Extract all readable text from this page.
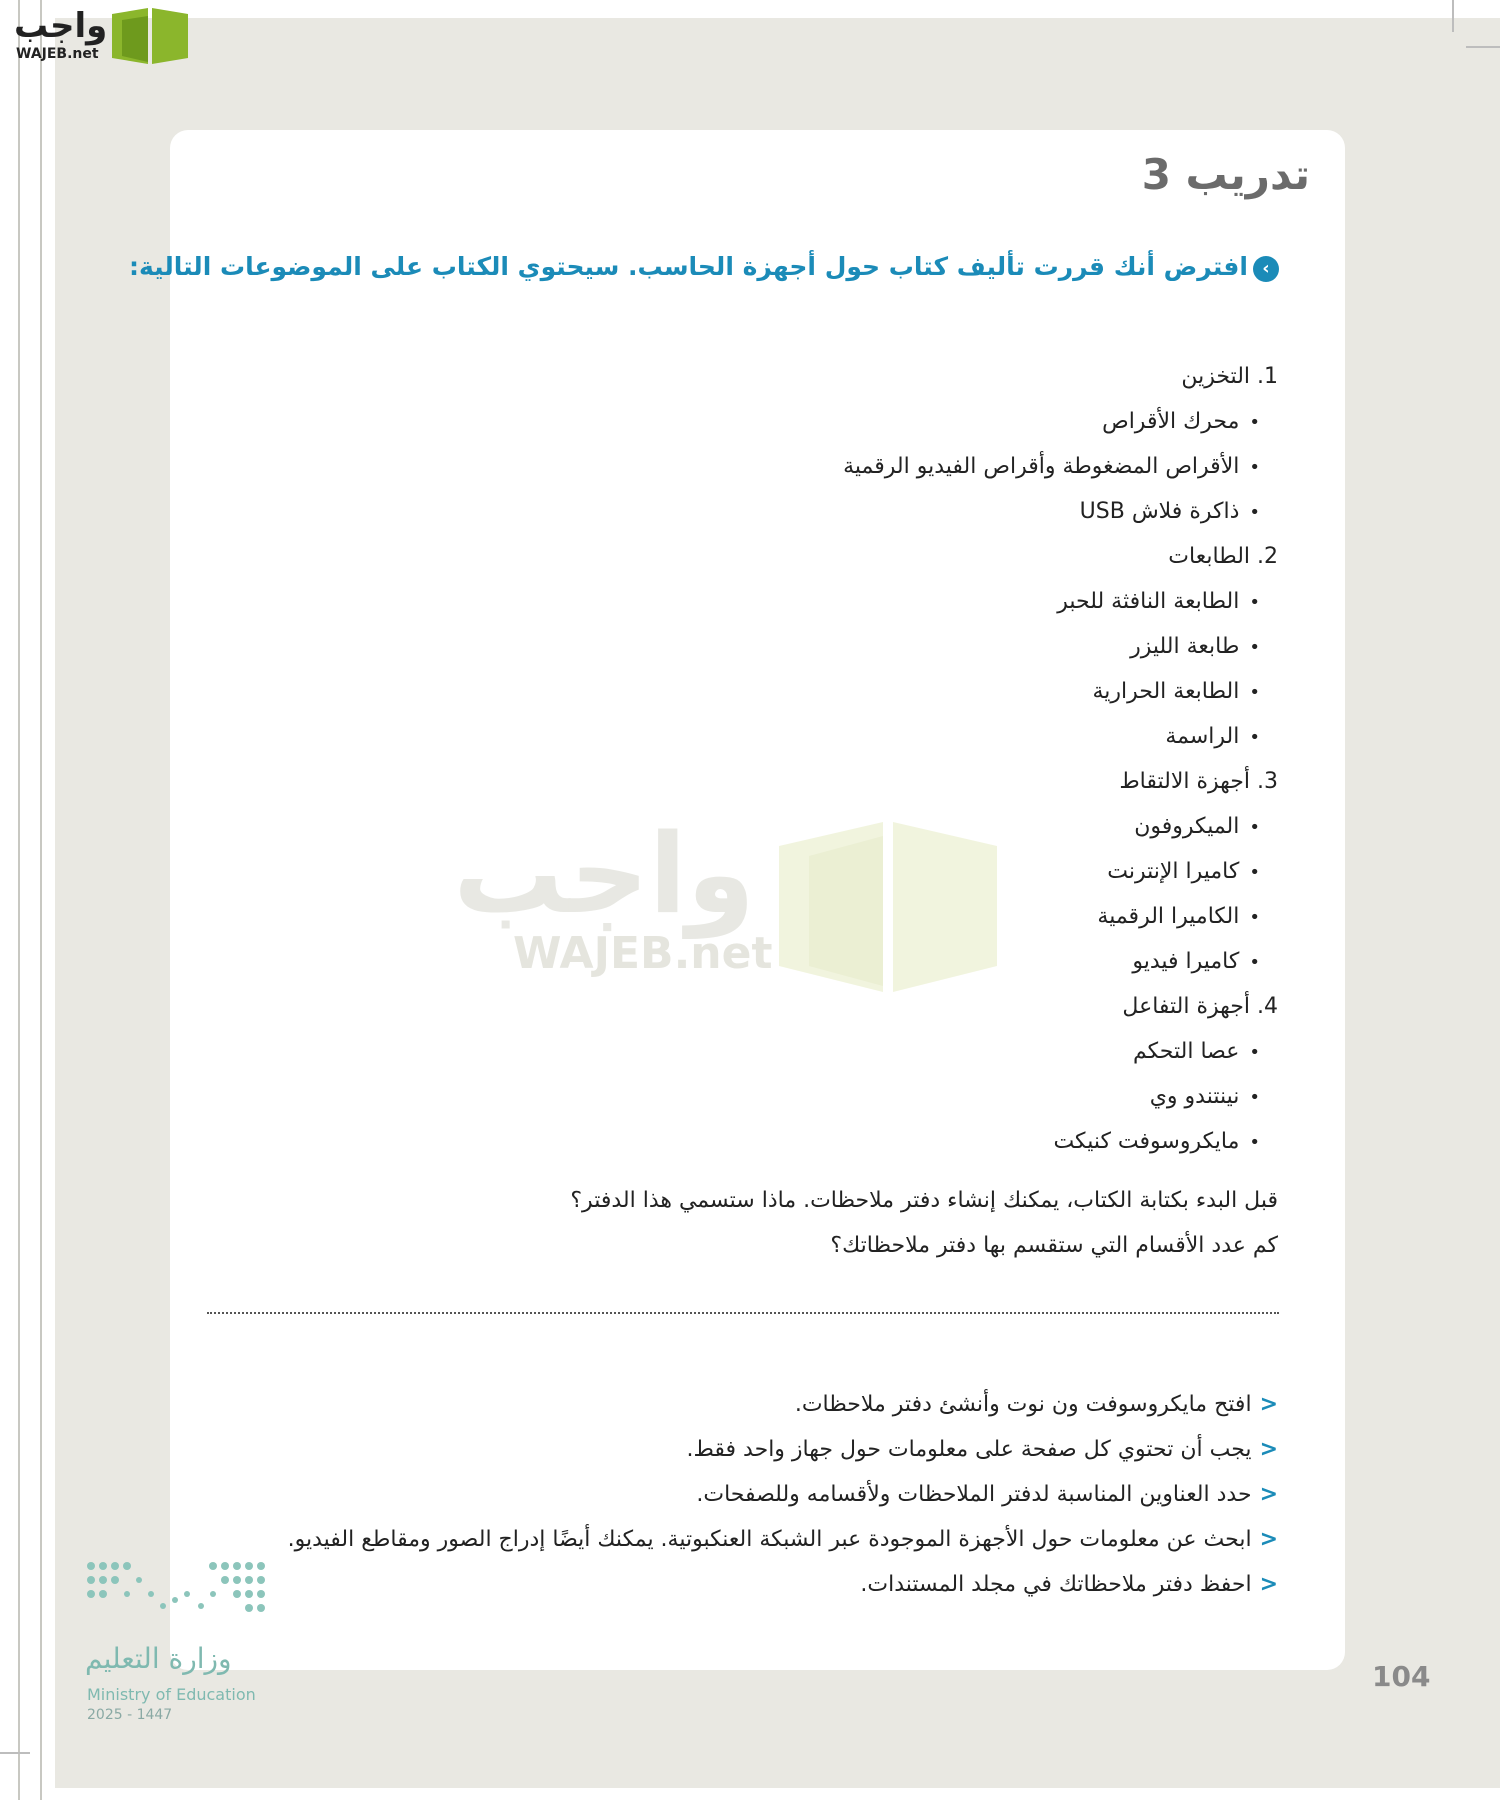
واجب
WAJEB.net
واجب
WAJEB.net
تدريب 3
‹
افترض أنك قررت تأليف كتاب حول أجهزة الحاسب. سيحتوي الكتاب على الموضوعات التالية:
1. التخزين
•محرك الأقراص
•الأقراص المضغوطة وأقراص الفيديو الرقمية
•ذاكرة فلاش USB
2. الطابعات
•الطابعة النافثة للحبر
•طابعة الليزر
•الطابعة الحرارية
•الراسمة
3. أجهزة الالتقاط
•الميكروفون
•كاميرا الإنترنت
•الكاميرا الرقمية
•كاميرا فيديو
4. أجهزة التفاعل
•عصا التحكم
•نينتندو وي
•مايكروسوفت كنيكت
قبل البدء بكتابة الكتاب، يمكنك إنشاء دفتر ملاحظات. ماذا ستسمي هذا الدفتر؟
كم عدد الأقسام التي ستقسم بها دفتر ملاحظاتك؟
<افتح مايكروسوفت ون نوت وأنشئ دفتر ملاحظات.
<يجب أن تحتوي كل صفحة على معلومات حول جهاز واحد فقط.
<حدد العناوين المناسبة لدفتر الملاحظات ولأقسامه وللصفحات.
<ابحث عن معلومات حول الأجهزة الموجودة عبر الشبكة العنكبوتية. يمكنك أيضًا إدراج الصور ومقاطع الفيديو.
<احفظ دفتر ملاحظاتك في مجلد المستندات.
104
وزارة التعليم
Ministry of Education
2025 - 1447
